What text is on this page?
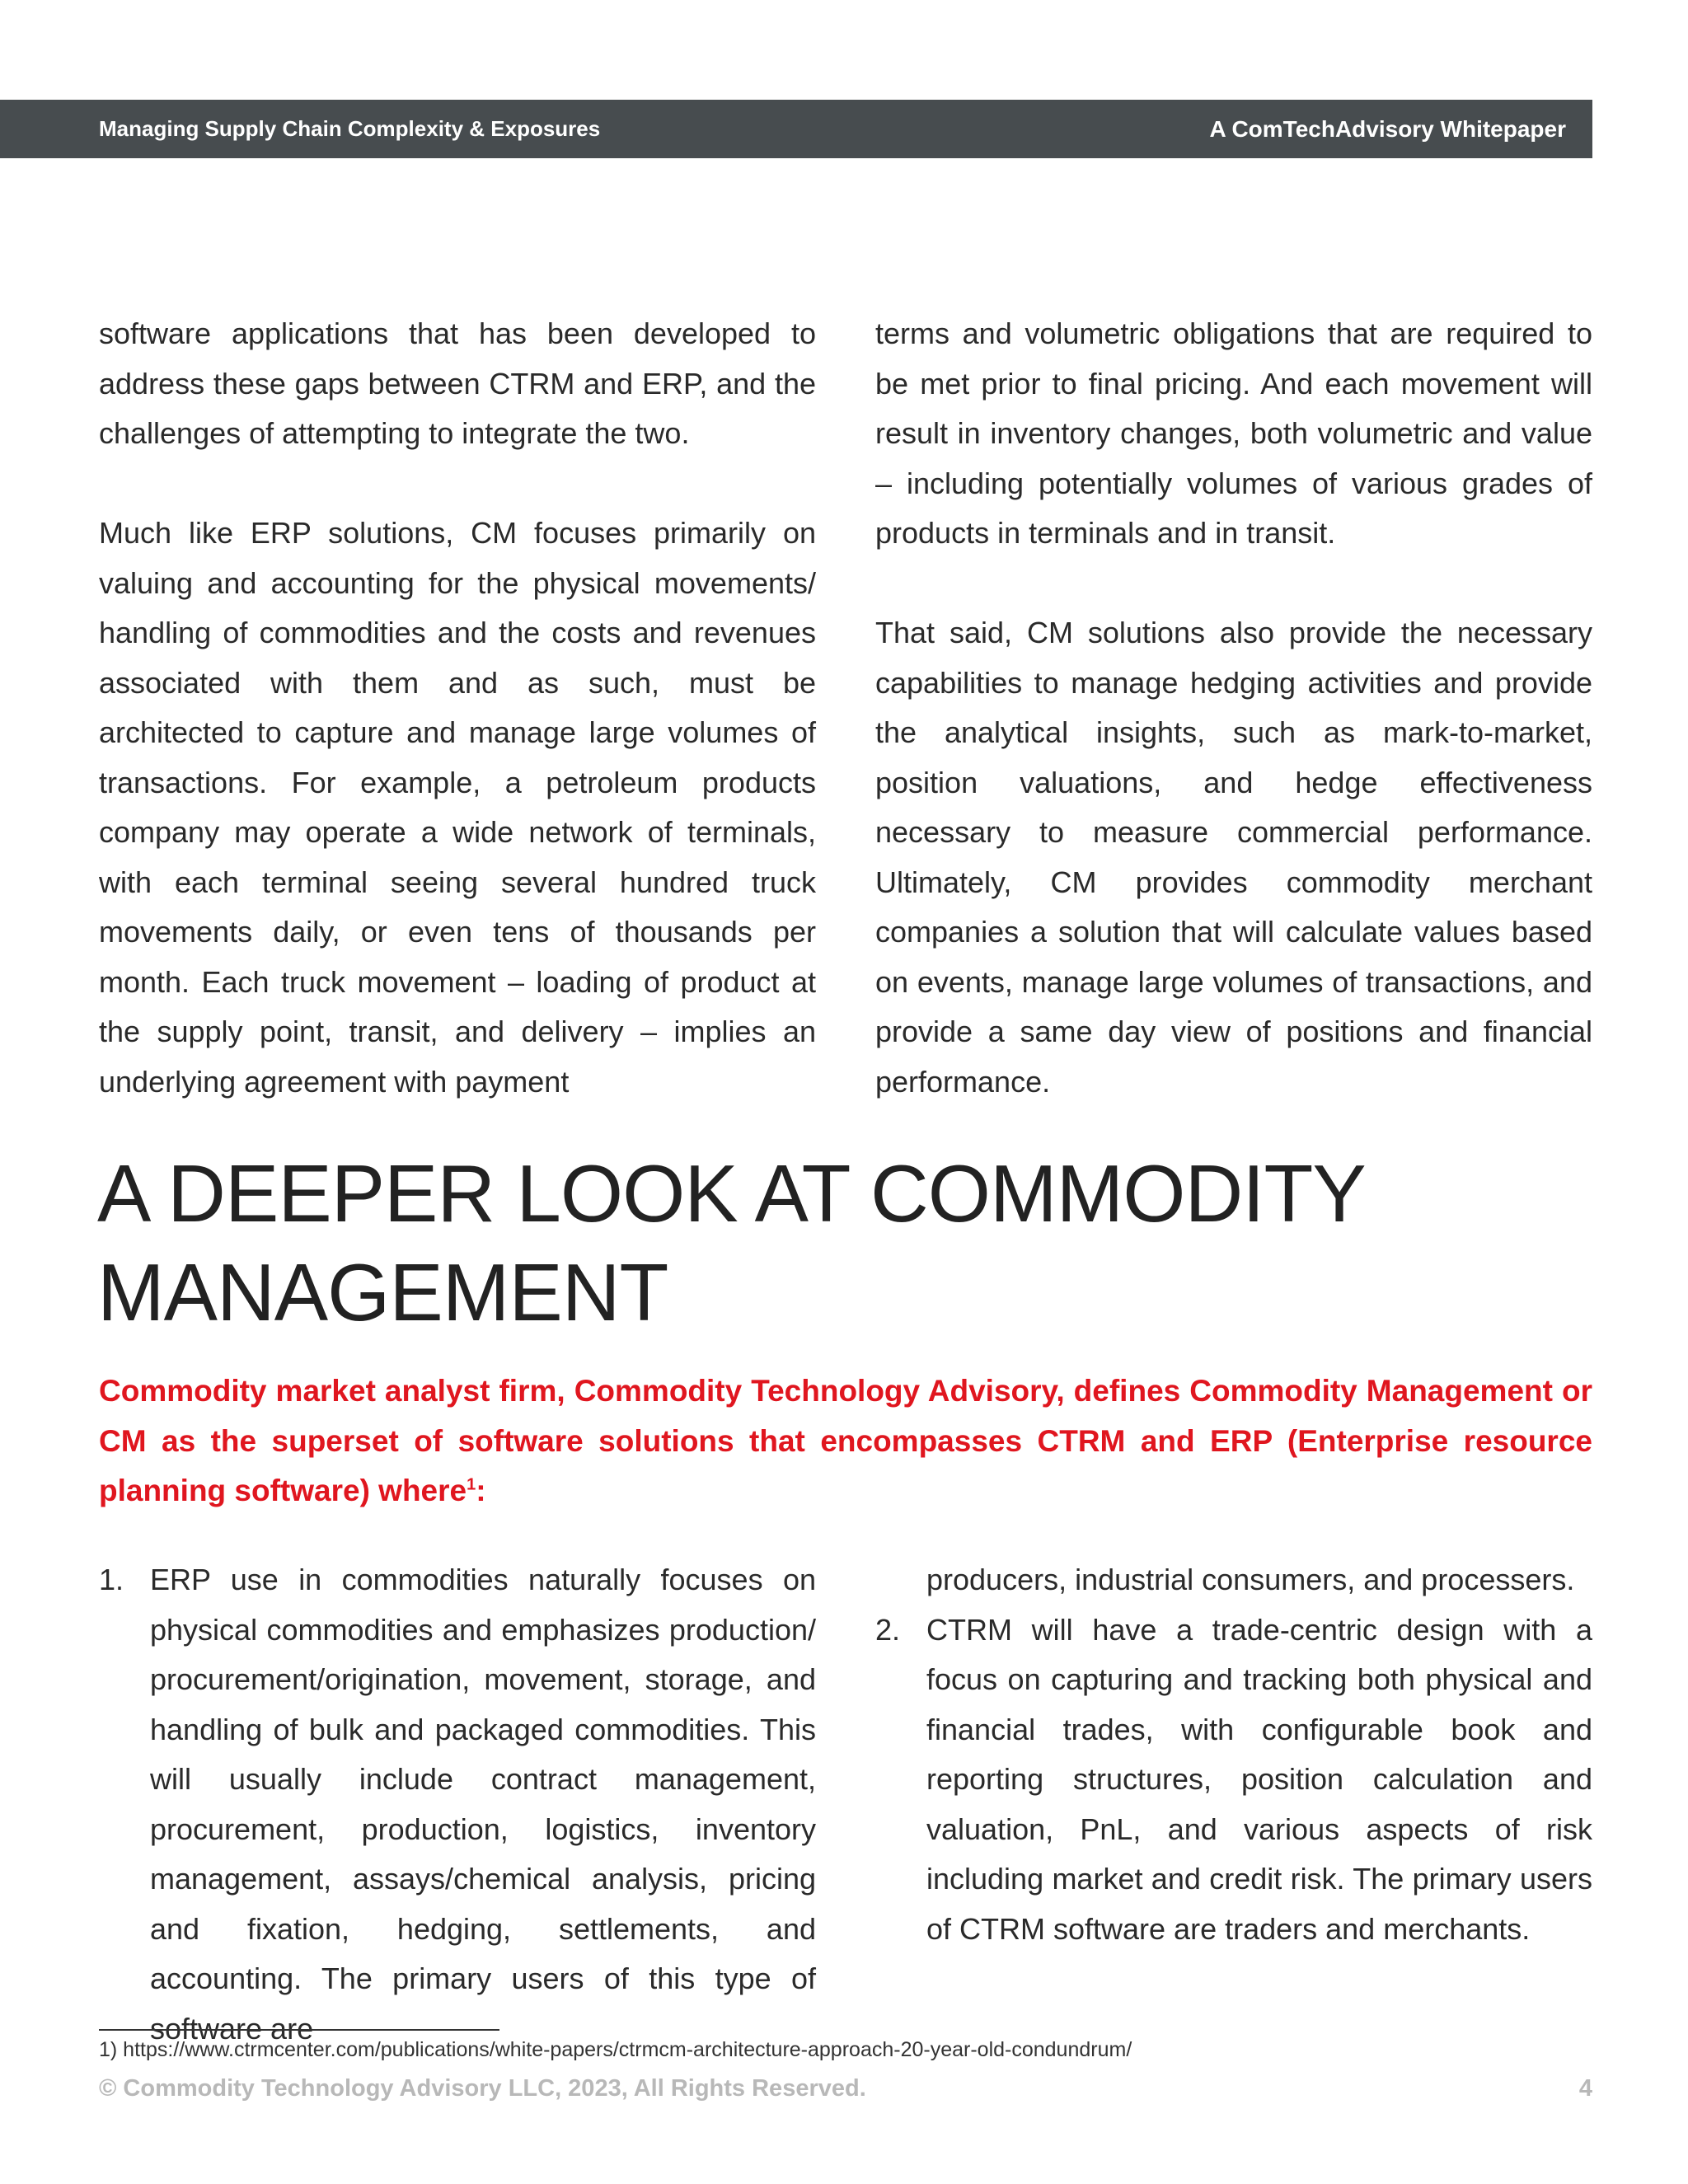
Managing Supply Chain Complexity & Exposures	A ComTechAdvisory Whitepaper

software applications that has been developed to address these gaps between CTRM and ERP, and the challenges of attempting to integrate the two.

Much like ERP solutions, CM focuses primarily on valuing and accounting for the physical movements/ handling of commodities and the costs and revenues associated with them and as such, must be architected to capture and manage large volumes of transactions. For example, a petroleum products company may operate a wide network of terminals, with each terminal seeing several hundred truck movements daily, or even tens of thousands per month. Each truck movement – loading of product at the supply point, transit, and delivery – implies an underlying agreement with payment

terms and volumetric obligations that are required to be met prior to final pricing. And each movement will result in inventory changes, both volumetric and value – including potentially volumes of various grades of products in terminals and in transit.

That said, CM solutions also provide the necessary capabilities to manage hedging activities and provide the analytical insights, such as mark-to-market, position valuations, and hedge effectiveness necessary to measure commercial performance. Ultimately, CM provides commodity merchant companies a solution that will calculate values based on events, manage large volumes of transactions, and provide a same day view of positions and financial performance.

A DEEPER LOOK AT COMMODITY MANAGEMENT

Commodity market analyst firm, Commodity Technology Advisory, defines Commodity Management or CM as the superset of software solutions that encompasses CTRM and ERP (Enterprise resource planning software) where$^1$:

1. ERP use in commodities naturally focuses on physical commodities and emphasizes production/ procurement/origination, movement, storage, and handling of bulk and packaged commodities. This will usually include contract management, procurement, production, logistics, inventory management, assays/chemical analysis, pricing and fixation, hedging, settlements, and accounting. The primary users of this type of software are
producers, industrial consumers, and processers.
2. CTRM will have a trade-centric design with a focus on capturing and tracking both physical and financial trades, with configurable book and reporting structures, position calculation and valuation, PnL, and various aspects of risk including market and credit risk. The primary users of CTRM software are traders and merchants.
1) https://www.ctrmcenter.com/publications/white-papers/ctrmcm-architecture-approach-20-year-old-condundrum/
© Commodity Technology Advisory LLC, 2023, All Rights Reserved.	4
